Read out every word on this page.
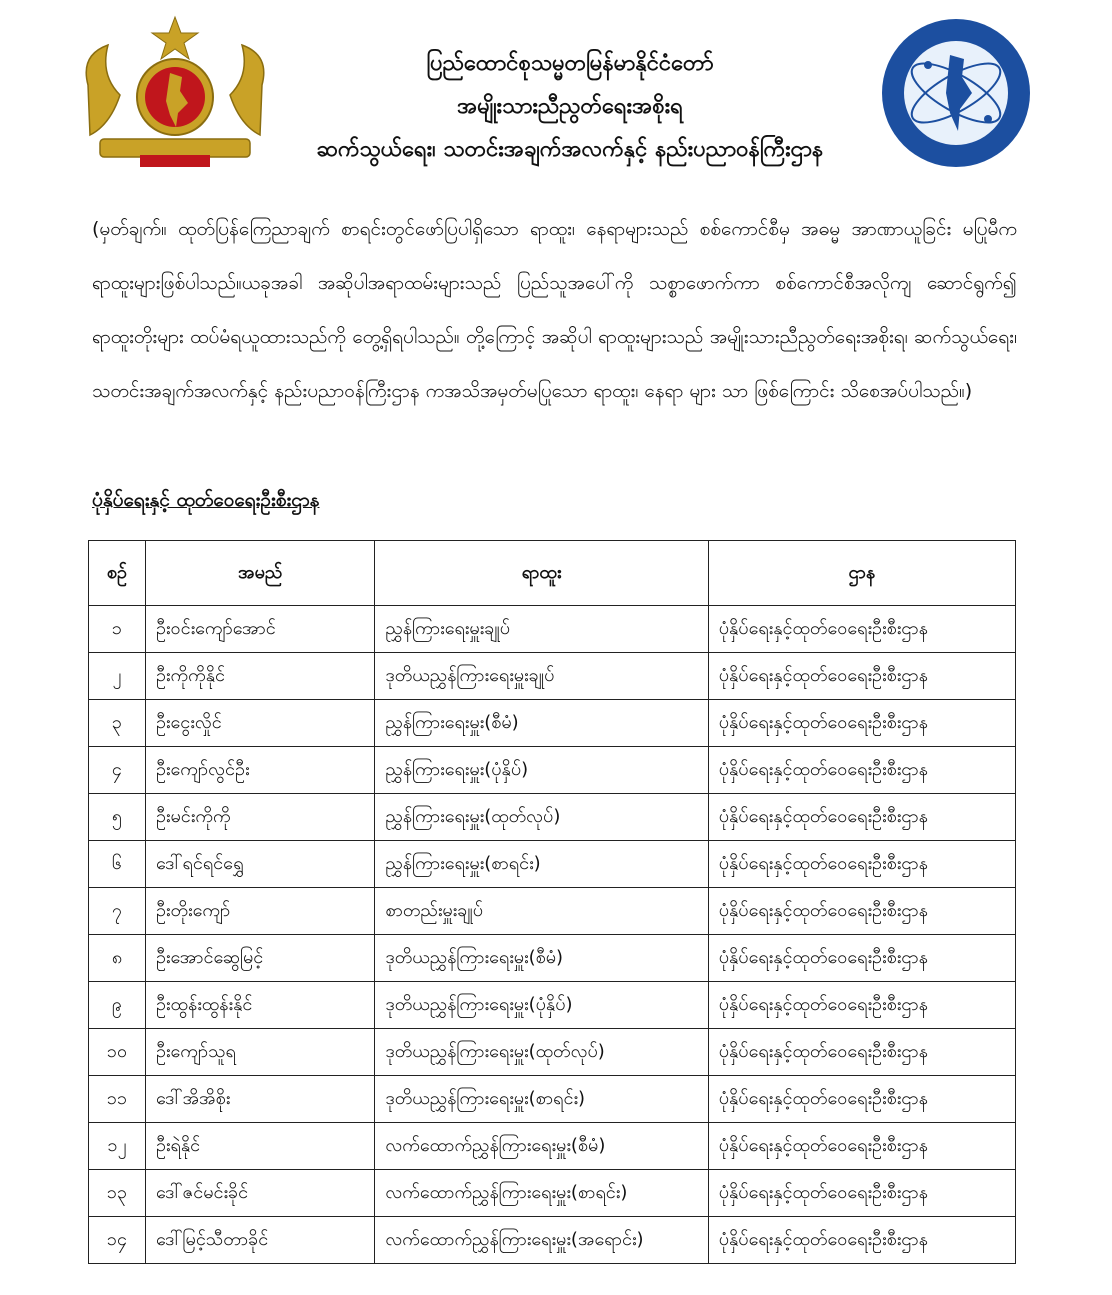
ပြည်ထောင်စုသမ္မတမြန်မာနိုင်ငံတော်
အမျိုးသားညီညွတ်ရေးအစိုးရ
ဆက်သွယ်ရေး၊ သတင်းအချက်အလက်နှင့် နည်းပညာဝန်ကြီးဌာန
(မှတ်ချက်။ ထုတ်ပြန်ကြေညာချက် စာရင်းတွင်ဖော်ပြပါရှိသော ရာထူး၊ နေရာများသည် စစ်ကောင်စီမှ အဓမ္မ အာဏာယူခြင်း မပြုမီက ရာထူးများဖြစ်ပါသည်။ယခုအခါ အဆိုပါအရာထမ်းများသည် ပြည်သူအပေါ်ကို သစ္စာဖောက်ကာ စစ်ကောင်စီအလိုကျ ဆောင်ရွက်၍ ရာထူးတိုးများ ထပ်မံရယူထားသည်ကို တွေ့ရှိရပါသည်။ တို့ကြောင့် အဆိုပါ ရာထူးများသည် အမျိုးသားညီညွတ်ရေးအစိုးရ၊ ဆက်သွယ်ရေး၊ သတင်းအချက်အလက်နှင့် နည်းပညာဝန်ကြီးဌာန ကအသိအမှတ်မပြုသော ရာထူး၊ နေရာ များ သာ ဖြစ်ကြောင်း သိစေအပ်ပါသည်။)
ပုံနှိပ်ရေးနှင့် ထုတ်ဝေရေးဦးစီးဌာန
စဉ်	အမည်	ရာထူး	ဌာန
၁	ဦးဝင်းကျော်အောင်	ညွှန်ကြားရေးမှူးချုပ်	ပုံနှိပ်ရေးနှင့်ထုတ်ဝေရေးဦးစီးဌာန
၂	ဦးကိုကိုနိုင်	ဒုတိယညွှန်ကြားရေးမှူးချုပ်	ပုံနှိပ်ရေးနှင့်ထုတ်ဝေရေးဦးစီးဌာန
၃	ဦးငွေးလှိုင်	ညွှန်ကြားရေးမှူး(စီမံ)	ပုံနှိပ်ရေးနှင့်ထုတ်ဝေရေးဦးစီးဌာန
၄	ဦးကျော်လွင်ဦး	ညွှန်ကြားရေးမှူး(ပုံနှိပ်)	ပုံနှိပ်ရေးနှင့်ထုတ်ဝေရေးဦးစီးဌာန
၅	ဦးမင်းကိုကို	ညွှန်ကြားရေးမှူး(ထုတ်လုပ်)	ပုံနှိပ်ရေးနှင့်ထုတ်ဝေရေးဦးစီးဌာန
၆	ဒေါ်ရင်ရင်ရွှေ	ညွှန်ကြားရေးမှူး(စာရင်း)	ပုံနှိပ်ရေးနှင့်ထုတ်ဝေရေးဦးစီးဌာန
၇	ဦးတိုးကျော်	စာတည်းမှူးချုပ်	ပုံနှိပ်ရေးနှင့်ထုတ်ဝေရေးဦးစီးဌာန
၈	ဦးအောင်ဆွေမြင့်	ဒုတိယညွှန်ကြားရေးမှူး(စီမံ)	ပုံနှိပ်ရေးနှင့်ထုတ်ဝေရေးဦးစီးဌာန
၉	ဦးထွန်းထွန်းနိုင်	ဒုတိယညွှန်ကြားရေးမှူး(ပုံနှိပ်)	ပုံနှိပ်ရေးနှင့်ထုတ်ဝေရေးဦးစီးဌာန
၁၀	ဦးကျော်သူရ	ဒုတိယညွှန်ကြားရေးမှူး(ထုတ်လုပ်)	ပုံနှိပ်ရေးနှင့်ထုတ်ဝေရေးဦးစီးဌာန
၁၁	ဒေါ်အိအိစိုး	ဒုတိယညွှန်ကြားရေးမှူး(စာရင်း)	ပုံနှိပ်ရေးနှင့်ထုတ်ဝေရေးဦးစီးဌာန
၁၂	ဦးရဲနိုင်	လက်ထောက်ညွှန်ကြားရေးမှူး(စီမံ)	ပုံနှိပ်ရေးနှင့်ထုတ်ဝေရေးဦးစီးဌာန
၁၃	ဒေါ်ဇင်မင်းခိုင်	လက်ထောက်ညွှန်ကြားရေးမှူး(စာရင်း)	ပုံနှိပ်ရေးနှင့်ထုတ်ဝေရေးဦးစီးဌာန
၁၄	ဒေါ်မြင့်သီတာခိုင်	လက်ထောက်ညွှန်ကြားရေးမှူး(အရောင်း)	ပုံနှိပ်ရေးနှင့်ထုတ်ဝေရေးဦးစီးဌာန
